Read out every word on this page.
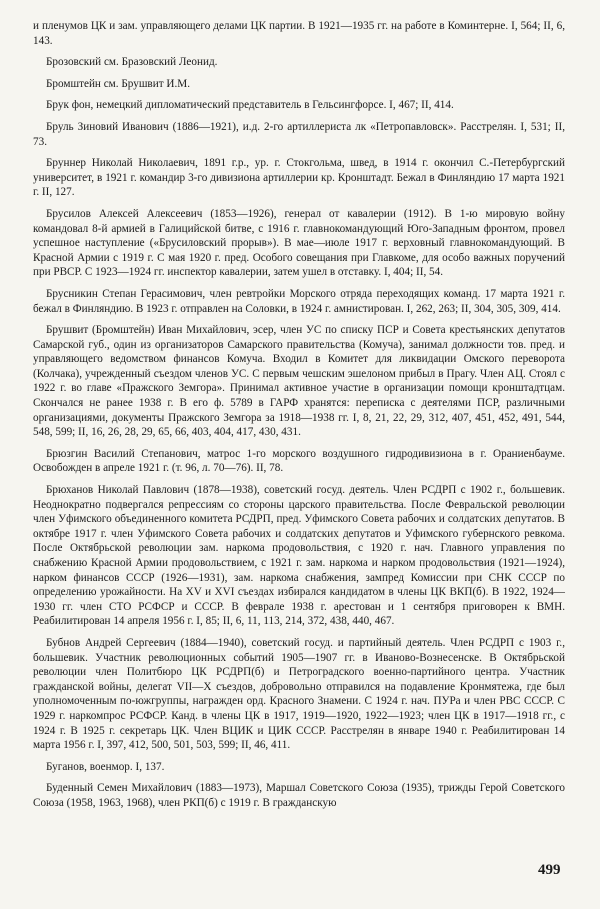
и пленумов ЦК и зам. управляющего делами ЦК партии. В 1921—1935 гг. на работе в Коминтерне. I, 564; II, 6, 143.

Брозовский см. Бразовский Леонид.

Бромштейн см. Брушвит И.М.

Брук фон, немецкий дипломатический представитель в Гельсингфорсе. I, 467; II, 414.

Бруль Зиновий Иванович (1886—1921), и.д. 2-го артиллериста лк «Петропавловск». Расстрелян. I, 531; II, 73.

Бруннер Николай Николаевич, 1891 г.р., ур. г. Стокгольма, швед, в 1914 г. окончил С.-Петербургский университет, в 1921 г. командир 3-го дивизиона артиллерии кр. Кронштадт. Бежал в Финляндию 17 марта 1921 г. II, 127.

Брусилов Алексей Алексеевич (1853—1926), генерал от кавалерии (1912). В 1-ю мировую войну командовал 8-й армией в Галицийской битве, с 1916 г. главнокомандующий Юго-Западным фронтом, провел успешное наступление («Брусиловский прорыв»). В мае—июле 1917 г. верховный главнокомандующий. В Красной Армии с 1919 г. С мая 1920 г. пред. Особого совещания при Главкоме, для особо важных поручений при РВСР. С 1923—1924 гг. инспектор кавалерии, затем ушел в отставку. I, 404; II, 54.

Брусникин Степан Герасимович, член ревтройки Морского отряда переходящих команд. 17 марта 1921 г. бежал в Финляндию. В 1923 г. отправлен на Соловки, в 1924 г. амнистирован. I, 262, 263; II, 304, 305, 309, 414.

Брушвит (Бромштейн) Иван Михайлович, эсер, член УС по списку ПСР и Совета крестьянских депутатов Самарской губ., один из организаторов Самарского правительства (Комуча), занимал должности тов. пред. и управляющего ведомством финансов Комуча. Входил в Комитет для ликвидации Омского переворота (Колчака), учрежденный съездом членов УС. С первым чешским эшелоном прибыл в Прагу. Член АЦ. Стоял с 1922 г. во главе «Пражского Земгора». Принимал активное участие в организации помощи кронштадтцам. Скончался не ранее 1938 г. В его ф. 5789 в ГАРФ хранятся: переписка с деятелями ПСР, различными организациями, документы Пражского Земгора за 1918—1938 гг. I, 8, 21, 22, 29, 312, 407, 451, 452, 491, 544, 548, 599; II, 16, 26, 28, 29, 65, 66, 403, 404, 417, 430, 431.

Брюзгин Василий Степанович, матрос 1-го морского воздушного гидродивизиона в г. Ораниенбауме. Освобожден в апреле 1921 г. (т. 96, л. 70—76). II, 78.

Брюханов Николай Павлович (1878—1938), советский госуд. деятель. Член РСДРП с 1902 г., большевик. Неоднократно подвергался репрессиям со стороны царского правительства. После Февральской революции член Уфимского объединенного комитета РСДРП, пред. Уфимского Совета рабочих и солдатских депутатов. В октябре 1917 г. член Уфимского Совета рабочих и солдатских депутатов и Уфимского губернского ревкома. После Октябрьской революции зам. наркома продовольствия, с 1920 г. нач. Главного управления по снабжению Красной Армии продовольствием, с 1921 г. зам. наркома и нарком продовольствия (1921—1924), нарком финансов СССР (1926—1931), зам. наркома снабжения, зампред Комиссии при СНК СССР по определению урожайности. На XV и XVI съездах избирался кандидатом в члены ЦК ВКП(б). В 1922, 1924—1930 гг. член СТО РСФСР и СССР. В феврале 1938 г. арестован и 1 сентября приговорен к ВМН. Реабилитирован 14 апреля 1956 г. I, 85; II, 6, 11, 113, 214, 372, 438, 440, 467.

Бубнов Андрей Сергеевич (1884—1940), советский госуд. и партийный деятель. Член РСДРП с 1903 г., большевик. Участник революционных событий 1905—1907 гг. в Иваново-Вознесенске. В Октябрьской революции член Политбюро ЦК РСДРП(б) и Петроградского военно-партийного центра. Участник гражданской войны, делегат VII—X съездов, добровольно отправился на подавление Кронмятежа, где был уполномоченным по-южгруппы, награжден орд. Красного Знамени. С 1924 г. нач. ПУРа и член РВС СССР. С 1929 г. наркомпрос РСФСР. Канд. в члены ЦК в 1917, 1919—1920, 1922—1923; член ЦК в 1917—1918 гг., с 1924 г. В 1925 г. секретарь ЦК. Член ВЦИК и ЦИК СССР. Расстрелян в январе 1940 г. Реабилитирован 14 марта 1956 г. I, 397, 412, 500, 501, 503, 599; II, 46, 411.

Буганов, военмор. I, 137.

Буденный Семен Михайлович (1883—1973), Маршал Советского Союза (1935), трижды Герой Советского Союза (1958, 1963, 1968), член РКП(б) с 1919 г. В гражданскую

499
